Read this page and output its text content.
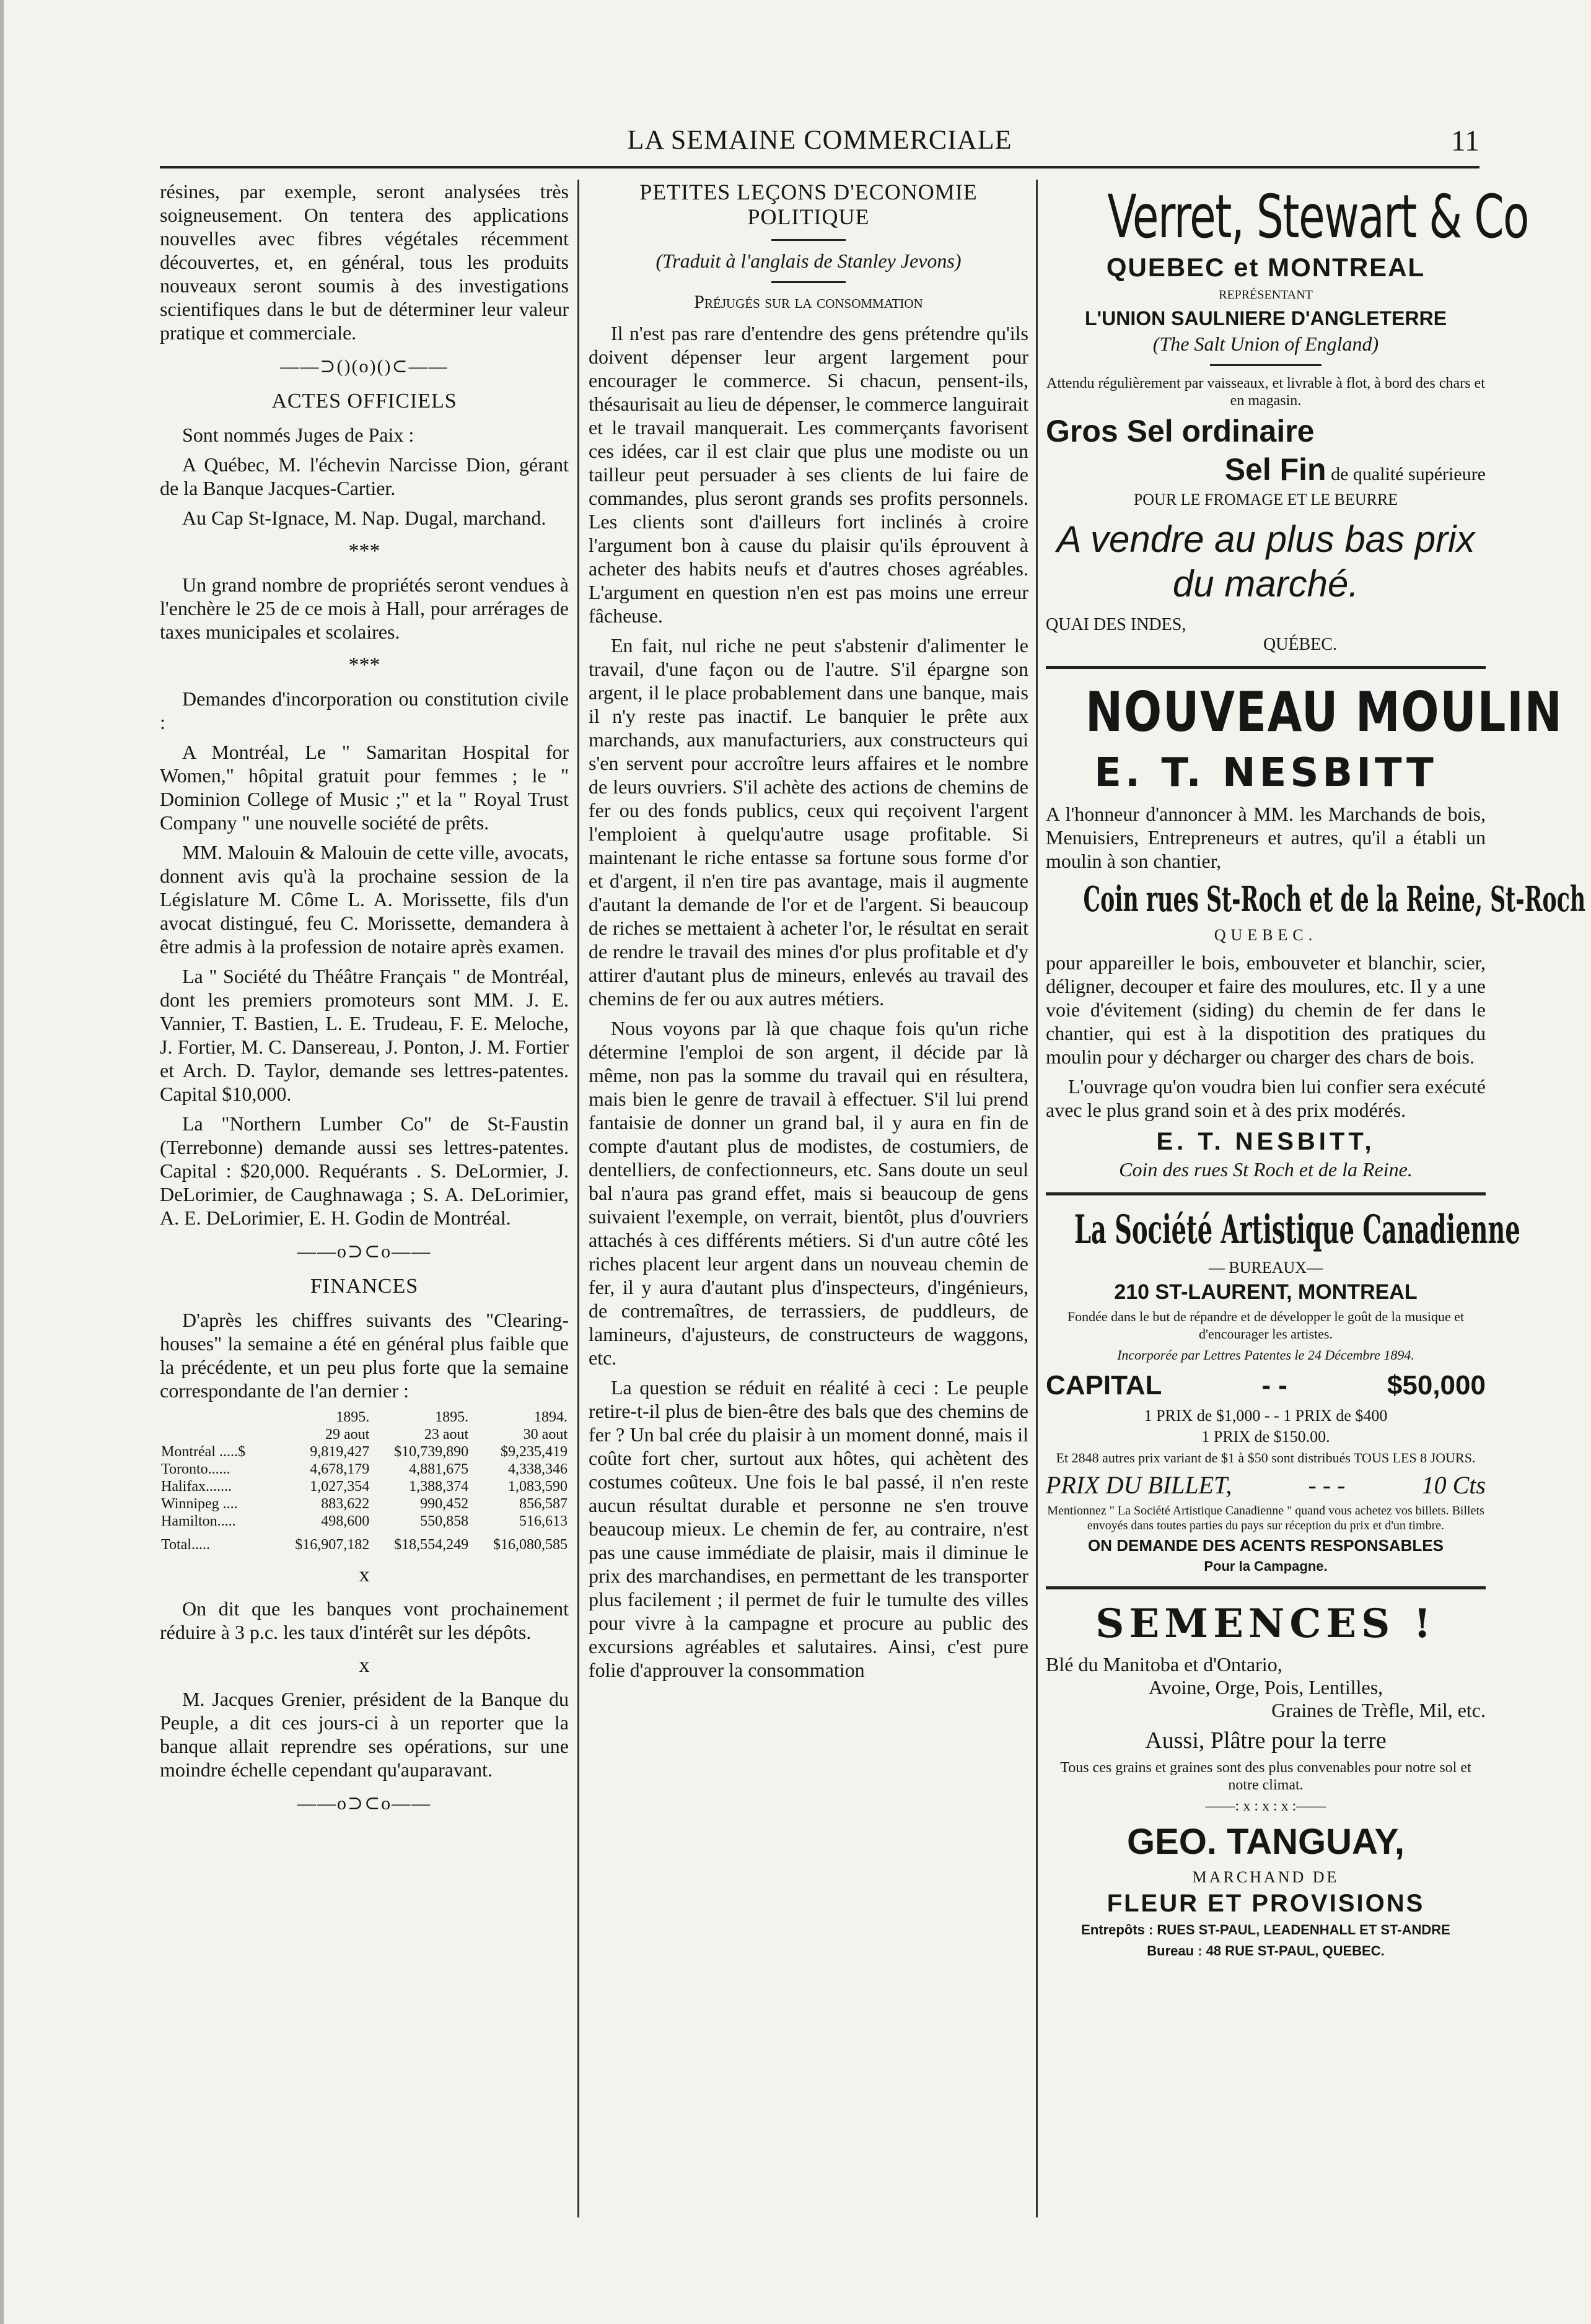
LA SEMAINE COMMERCIALE	11

résines, par exemple, seront analysées très soigneusement. On tentera des applications nouvelles avec fibres végétales récemment découvertes, et, en général, tous les produits nouveaux seront soumis à des investigations scientifiques dans le but de déterminer leur valeur pratique et commerciale.

——⊃()(o)()⊂——
ACTES OFFICIELS

Sont nommés Juges de Paix :

A Québec, M. l'échevin Narcisse Dion, gérant de la Banque Jacques-Cartier.

Au Cap St-Ignace, M. Nap. Dugal, marchand.

***

Un grand nombre de propriétés seront vendues à l'enchère le 25 de ce mois à Hall, pour arrérages de taxes municipales et scolaires.

***

Demandes d'incorporation ou constitution civile :

A Montréal, Le " Samaritan Hospital for Women," hôpital gratuit pour femmes ; le " Dominion College of Music ;" et la " Royal Trust Company " une nouvelle société de prêts.

MM. Malouin & Malouin de cette ville, avocats, donnent avis qu'à la prochaine session de la Législature M. Côme L. A. Morissette, fils d'un avocat distingué, feu C. Morissette, demandera à être admis à la profession de notaire après examen.

La " Société du Théâtre Français " de Montréal, dont les premiers promoteurs sont MM. J. E. Vannier, T. Bastien, L. E. Trudeau, F. E. Meloche, J. Fortier, M. C. Dansereau, J. Ponton, J. M. Fortier et Arch. D. Taylor, demande ses lettres-patentes. Capital $10,000.

La "Northern Lumber Co" de St-Faustin (Terrebonne) demande aussi ses lettres-patentes. Capital : $20,000. Requérants . S. DeLormier, J. DeLorimier, de Caughnawaga ; S. A. DeLorimier, A. E. DeLorimier, E. H. Godin de Montréal.

——o⊃⊂o——
FINANCES

D'après les chiffres suivants des "Clearing-houses" la semaine a été en général plus faible que la précédente, et un peu plus forte que la semaine correspondante de l'an dernier :

	1895.	1895.	1894.
	29 aout	23 aout	30 aout
Montréal .....$	9,819,427	$10,739,890	$9,235,419
Toronto......	4,678,179	4,881,675	4,338,346
Halifax.......	1,027,354	1,388,374	1,083,590
Winnipeg ....	883,622	990,452	856,587
Hamilton.....	498,600	550,858	516,613
Total.....	$16,907,182	$18,554,249	$16,080,585
x

On dit que les banques vont prochainement réduire à 3 p.c. les taux d'intérêt sur les dépôts.

x

M. Jacques Grenier, président de la Banque du Peuple, a dit ces jours-ci à un reporter que la banque allait reprendre ses opérations, sur une moindre échelle cependant qu'auparavant.

——o⊃⊂o——
PETITES LEÇONS D'ECONOMIE POLITIQUE
(Traduit à l'anglais de Stanley Jevons)
Préjugés sur la consommation

Il n'est pas rare d'entendre des gens prétendre qu'ils doivent dépenser leur argent largement pour encourager le commerce. Si chacun, pensent-ils, thésaurisait au lieu de dépenser, le commerce languirait et le travail manquerait. Les commerçants favorisent ces idées, car il est clair que plus une modiste ou un tailleur peut persuader à ses clients de lui faire de commandes, plus seront grands ses profits personnels. Les clients sont d'ailleurs fort inclinés à croire l'argument bon à cause du plaisir qu'ils éprouvent à acheter des habits neufs et d'autres choses agréables. L'argument en question n'en est pas moins une erreur fâcheuse.

En fait, nul riche ne peut s'abstenir d'alimenter le travail, d'une façon ou de l'autre. S'il épargne son argent, il le place probablement dans une banque, mais il n'y reste pas inactif. Le banquier le prête aux marchands, aux manufacturiers, aux constructeurs qui s'en servent pour accroître leurs affaires et le nombre de leurs ouvriers. S'il achète des actions de chemins de fer ou des fonds publics, ceux qui reçoivent l'argent l'emploient à quelqu'autre usage profitable. Si maintenant le riche entasse sa fortune sous forme d'or et d'argent, il n'en tire pas avantage, mais il augmente d'autant la demande de l'or et de l'argent. Si beaucoup de riches se mettaient à acheter l'or, le résultat en serait de rendre le travail des mines d'or plus profitable et d'y attirer d'autant plus de mineurs, enlevés au travail des chemins de fer ou aux autres métiers.

Nous voyons par là que chaque fois qu'un riche détermine l'emploi de son argent, il décide par là même, non pas la somme du travail qui en résultera, mais bien le genre de travail à effectuer. S'il lui prend fantaisie de donner un grand bal, il y aura en fin de compte d'autant plus de modistes, de costumiers, de dentelliers, de confectionneurs, etc. Sans doute un seul bal n'aura pas grand effet, mais si beaucoup de gens suivaient l'exemple, on verrait, bientôt, plus d'ouvriers attachés à ces différents métiers. Si d'un autre côté les riches placent leur argent dans un nouveau chemin de fer, il y aura d'autant plus d'inspecteurs, d'ingénieurs, de contremaîtres, de terrassiers, de puddleurs, de lamineurs, d'ajusteurs, de constructeurs de waggons, etc.

La question se réduit en réalité à ceci : Le peuple retire-t-il plus de bien-être des bals que des chemins de fer ? Un bal crée du plaisir à un moment donné, mais il coûte fort cher, surtout aux hôtes, qui achètent des costumes coûteux. Une fois le bal passé, il n'en reste aucun résultat durable et personne ne s'en trouve beaucoup mieux. Le chemin de fer, au contraire, n'est pas une cause immédiate de plaisir, mais il diminue le prix des marchandises, en permettant de les transporter plus facilement ; il permet de fuir le tumulte des villes pour vivre à la campagne et procure au public des excursions agréables et salutaires. Ainsi, c'est pure folie d'approuver la consommation

Verret, Stewart & Co
QUEBEC et MONTREAL
REPRÉSENTANT
L'UNION SAULNIERE D'ANGLETERRE
(The Salt Union of England)
Attendu régulièrement par vaisseaux, et livrable à flot, à bord des chars et en magasin.
Gros Sel ordinaire
Sel Fin de qualité supérieure
POUR LE FROMAGE ET LE BEURRE
A vendre au plus bas prix du marché.
QUAI DES INDES,
QUÉBEC.
NOUVEAU MOULIN
E. T. NESBITT

A l'honneur d'annoncer à MM. les Marchands de bois, Menuisiers, Entrepreneurs et autres, qu'il a établi un moulin à son chantier,

Coin rues St-Roch et de la Reine, St-Roch
QUEBEC.

pour appareiller le bois, embouveter et blanchir, scier, déligner, decouper et faire des moulures, etc. Il y a une voie d'évitement (siding) du chemin de fer dans le chantier, qui est à la dispotition des pratiques du moulin pour y décharger ou charger des chars de bois.

L'ouvrage qu'on voudra bien lui confier sera exécuté avec le plus grand soin et à des prix modérés.

E. T. NESBITT,
Coin des rues St Roch et de la Reine.
La Société Artistique Canadienne
— BUREAUX—
210 ST-LAURENT, MONTREAL
Fondée dans le but de répandre et de développer le goût de la musique et d'encourager les artistes.
Incorporée par Lettres Patentes le 24 Décembre 1894.
CAPITAL	- -	$50,000
1 PRIX de $1,000 - - 1 PRIX de $400
1 PRIX de $150.00.
Et 2848 autres prix variant de $1 à $50 sont distribués TOUS LES 8 JOURS.
PRIX DU BILLET,	- - -	10 Cts
Mentionnez " La Société Artistique Canadienne " quand vous achetez vos billets. Billets envoyés dans toutes parties du pays sur réception du prix et d'un timbre.
ON DEMANDE DES ACENTS RESPONSABLES
Pour la Campagne.
SEMENCES !
Blé du Manitoba et d'Ontario,
Avoine, Orge, Pois, Lentilles,
Graines de Trèfle, Mil, etc.
Aussi, Plâtre pour la terre
Tous ces grains et graines sont des plus convenables pour notre sol et notre climat.
——: x : x : x :——
GEO. TANGUAY,
MARCHAND DE
FLEUR ET PROVISIONS
Entrepôts : RUES ST-PAUL, LEADENHALL ET ST-ANDRE
Bureau : 48 RUE ST-PAUL, QUEBEC.
